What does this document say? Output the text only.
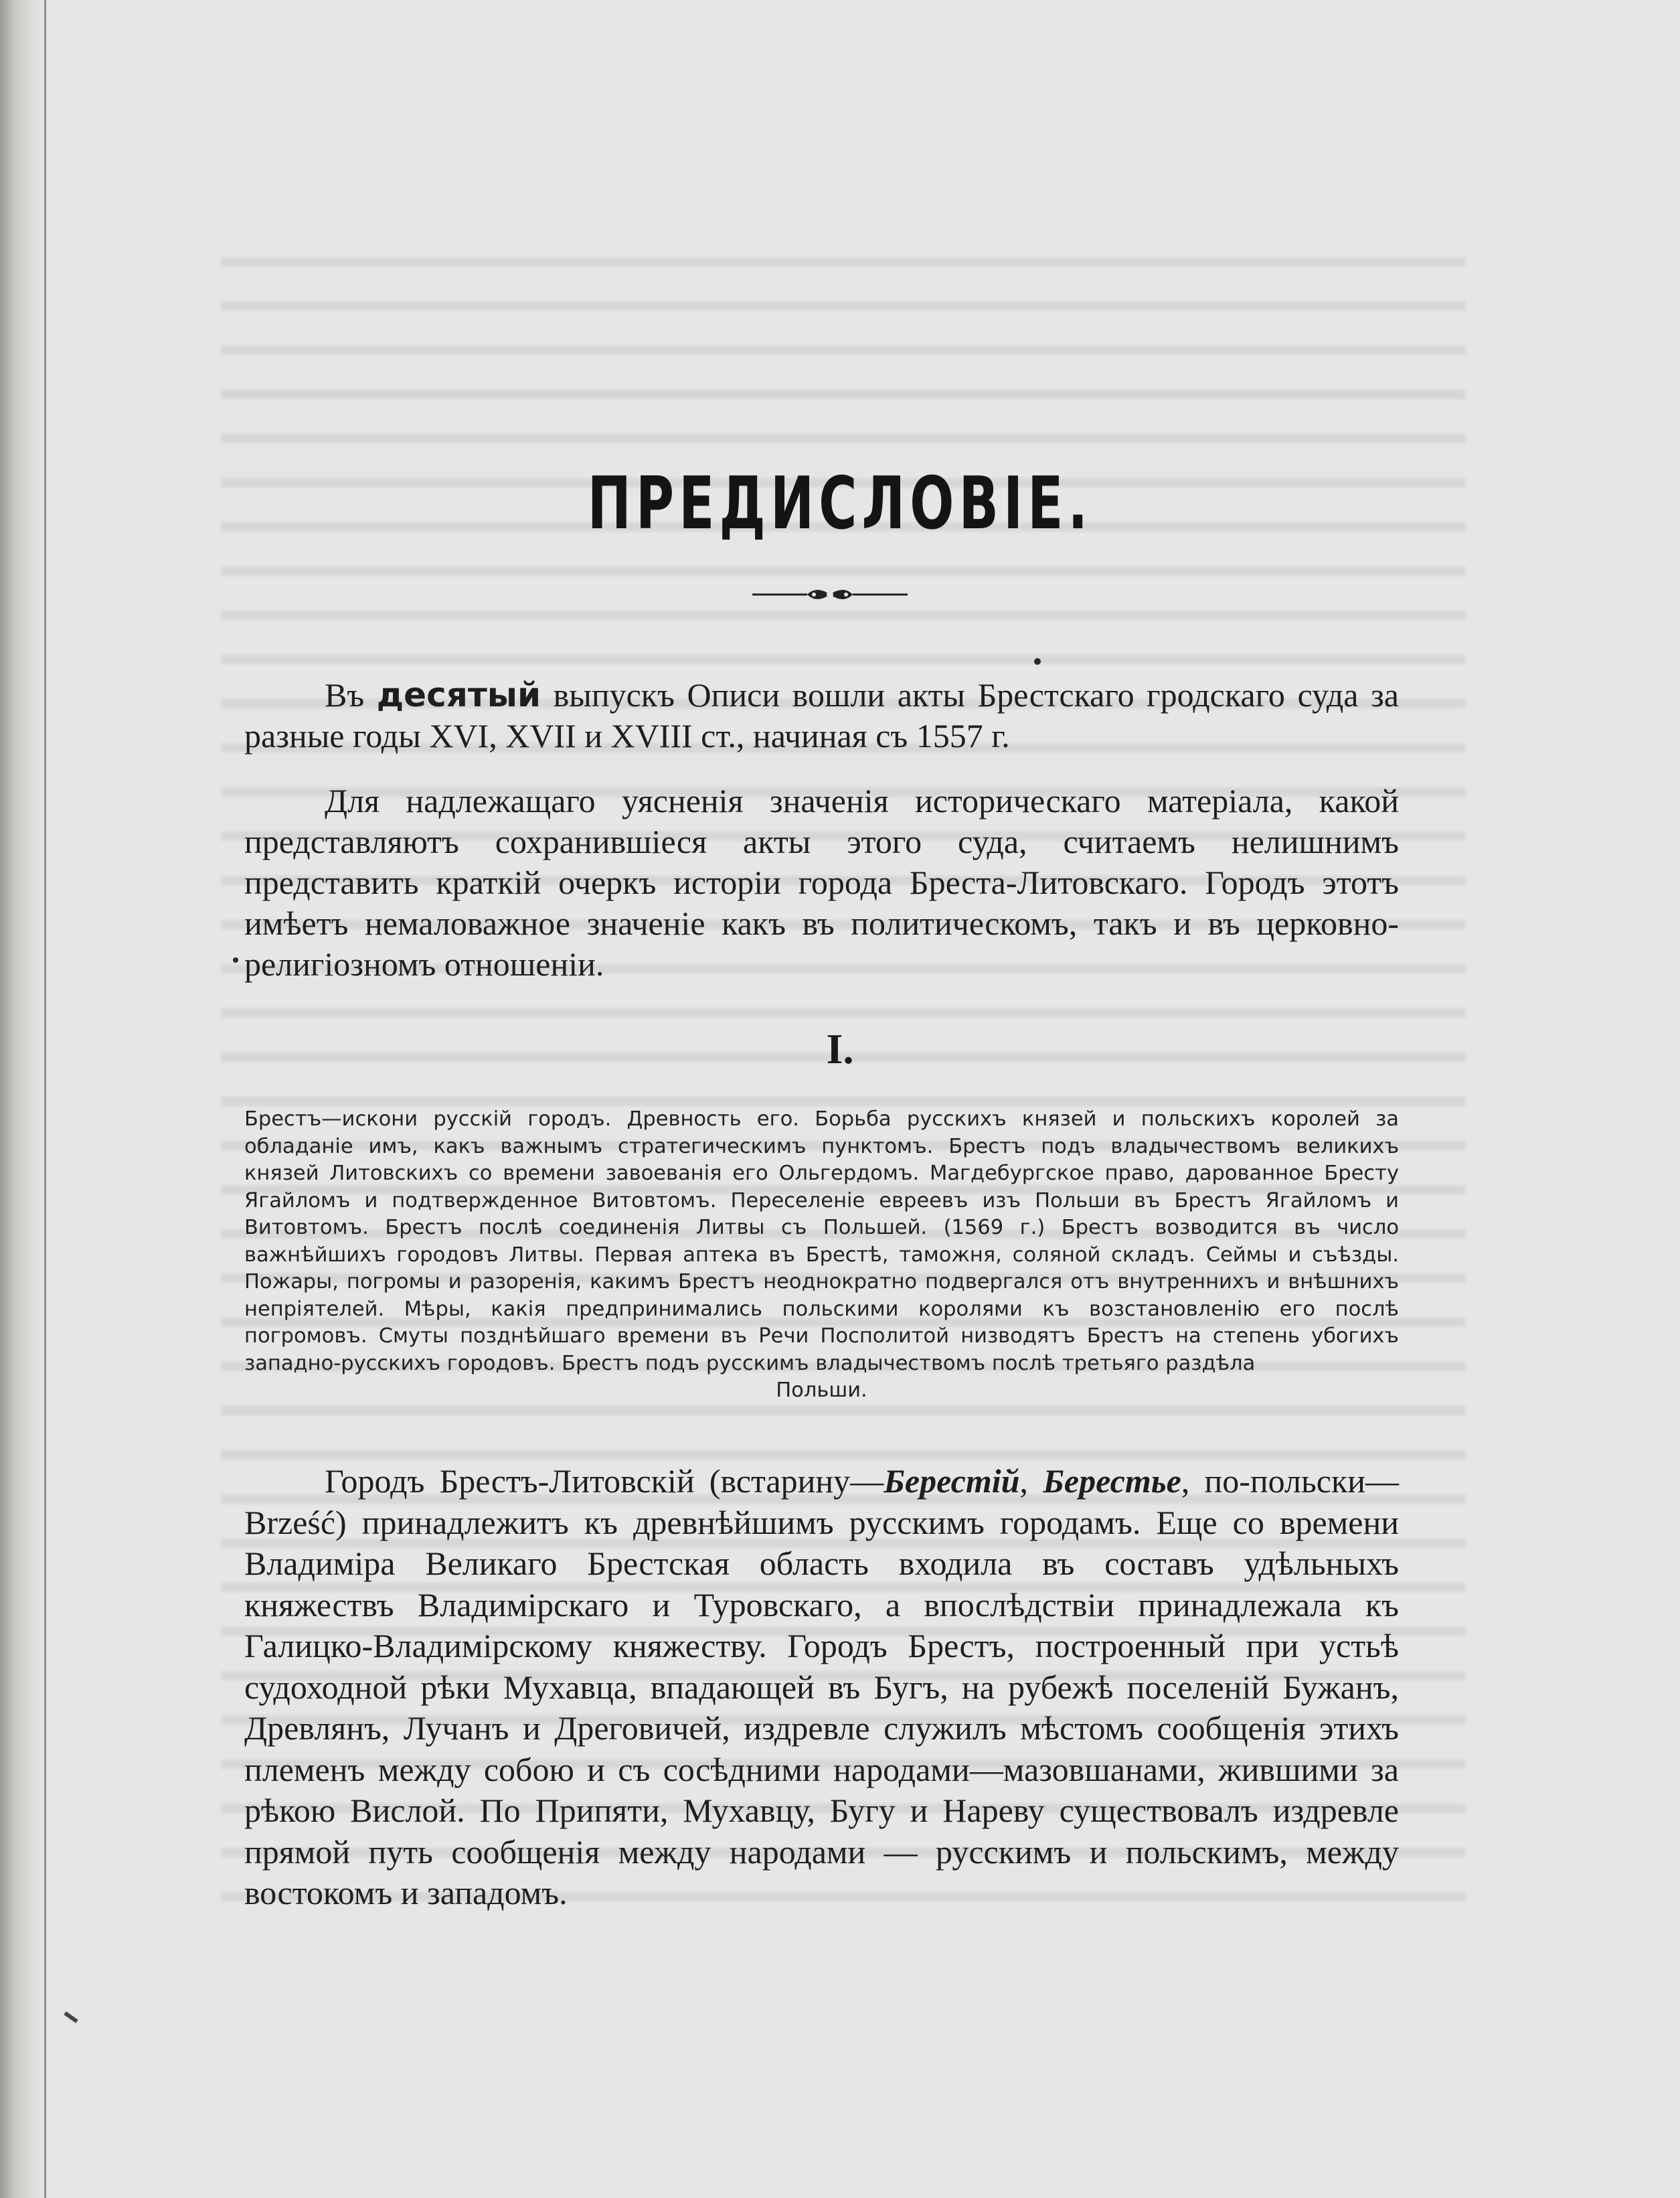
ПРЕДИСЛОВІЕ.

Въ десятый выпускъ Описи вошли акты Брестскаго гродскаго суда за разные годы XVI, XVII и XVIII ст., начиная съ 1557 г.

Для надлежащаго уясненія значенія историческаго матеріала, какой представляютъ сохранившіеся акты этого суда, считаемъ нелишнимъ представить краткій очеркъ исторіи города Бреста-Литовскаго. Городъ этотъ имѣетъ немаловажное значеніе какъ въ политическомъ, такъ и въ церковно-религіозномъ отношеніи.

I.

Брестъ—искони русскій городъ. Древность его. Борьба русскихъ князей и польскихъ королей за обладаніе имъ, какъ важнымъ стратегическимъ пунктомъ. Брестъ подъ владычествомъ великихъ князей Литовскихъ со времени завоеванія его Ольгердомъ. Магдебургское право, дарованное Бресту Ягайломъ и подтвержденное Витовтомъ. Переселеніе евреевъ изъ Польши въ Брестъ Ягайломъ и Витовтомъ. Брестъ послѣ соединенія Литвы съ Польшей. (1569 г.) Брестъ возводится въ число важнѣйшихъ городовъ Литвы. Первая аптека въ Брестѣ, таможня, соляной складъ. Сеймы и съѣзды. Пожары, погромы и разоренія, какимъ Брестъ неоднократно подвергался отъ внутреннихъ и внѣшнихъ непріятелей. Мѣры, какія предпринимались польскими королями къ возстановленію его послѣ погромовъ. Смуты позднѣйшаго времени въ Речи Посполитой низводятъ Брестъ на степень убогихъ западно-русскихъ городовъ. Брестъ подъ русскимъ владычествомъ послѣ третьяго раздѣла
Польши.

Городъ Брестъ-Литовскій (встарину—Берестій, Берестье, по-польски—Brześć) принадлежитъ къ древнѣйшимъ русскимъ городамъ. Еще со времени Владиміра Великаго Брестская область входила въ составъ удѣльныхъ княжествъ Владимірскаго и Туровскаго, а впослѣдствіи принадлежала къ Галицко-Владимірскому княжеству. Городъ Брестъ, построенный при устьѣ судоходной рѣки Мухавца, впадающей въ Бугъ, на рубежѣ поселеній Бужанъ, Древлянъ, Лучанъ и Дреговичей, издревле служилъ мѣстомъ сообщенія этихъ племенъ между собою и съ сосѣдними народами—мазовшанами, жившими за рѣкою Вислой. По Припяти, Мухавцу, Бугу и Нареву существовалъ издревле прямой путь сообщенія между народами — русскимъ и польскимъ, между востокомъ и западомъ.
